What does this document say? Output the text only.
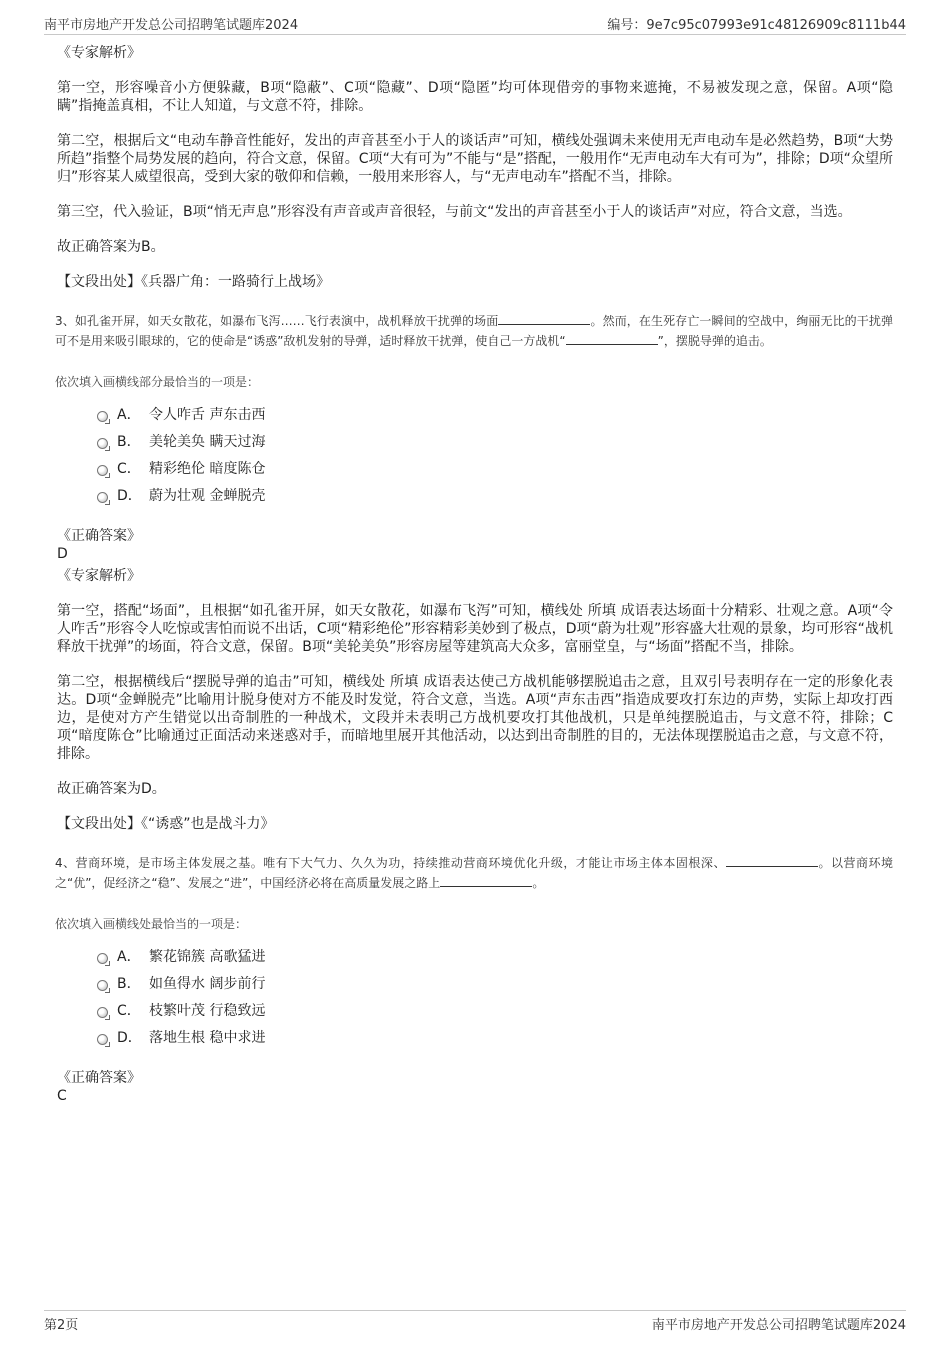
南平市房地产开发总公司招聘笔试题库2024	编号：9e7c95c07993e91c48126909c8111b44

《专家解析》

第一空，形容噪音小方便躲藏，B项“隐蔽”、C项“隐藏”、D项“隐匿”均可体现借旁的事物来遮掩，不易被发现之意，保留。A项“隐瞒”指掩盖真相，不让人知道，与文意不符，排除。

第二空，根据后文“电动车静音性能好，发出的声音甚至小于人的谈话声”可知，横线处强调未来使用无声电动车是必然趋势，B项“大势所趋”指整个局势发展的趋向，符合文意，保留。C项“大有可为”不能与“是”搭配，一般用作“无声电动车大有可为”，排除；D项“众望所归”形容某人威望很高，受到大家的敬仰和信赖，一般用来形容人，与“无声电动车”搭配不当，排除。

第三空，代入验证，B项“悄无声息”形容没有声音或声音很轻，与前文“发出的声音甚至小于人的谈话声”对应，符合文意，当选。

故正确答案为B。

【文段出处】《兵器广角：一路骑行上战场》

3、如孔雀开屏，如天女散花，如瀑布飞泻……飞行表演中，战机释放干扰弹的场面	。然而，在生死存亡一瞬间的空战中，绚丽无比的干扰弹可不是用来吸引眼球的，它的使命是“诱惑”敌机发射的导弹，适时释放干扰弹，使自己一方战机“	”，摆脱导弹的追击。

依次填入画横线部分最恰当的一项是：

A． 令人咋舌 声东击西
B． 美轮美奂 瞒天过海
C． 精彩绝伦 暗度陈仓
D． 蔚为壮观 金蝉脱壳

《正确答案》

D

《专家解析》

第一空，搭配“场面”，且根据“如孔雀开屏，如天女散花，如瀑布飞泻”可知，横线处 所填 成语表达场面十分精彩、壮观之意。A项“令人咋舌”形容令人吃惊或害怕而说不出话，C项“精彩绝伦”形容精彩美妙到了极点，D项“蔚为壮观”形容盛大壮观的景象，均可形容“战机释放干扰弹”的场面，符合文意，保留。B项“美轮美奂”形容房屋等建筑高大众多，富丽堂皇，与“场面”搭配不当，排除。

第二空，根据横线后“摆脱导弹的追击”可知，横线处 所填 成语表达使己方战机能够摆脱追击之意，且双引号表明存在一定的形象化表达。D项“金蝉脱壳”比喻用计脱身使对方不能及时发觉，符合文意，当选。A项“声东击西”指造成要攻打东边的声势，实际上却攻打西边，是使对方产生错觉以出奇制胜的一种战术，文段并未表明己方战机要攻打其他战机，只是单纯摆脱追击，与文意不符，排除；C项“暗度陈仓”比喻通过正面活动来迷惑对手，而暗地里展开其他活动，以达到出奇制胜的目的，无法体现摆脱追击之意，与文意不符，排除。

故正确答案为D。

【文段出处】《“诱惑”也是战斗力》

4、营商环境，是市场主体发展之基。唯有下大气力、久久为功，持续推动营商环境优化升级，才能让市场主体本固根深、	。以营商环境之“优”，促经济之“稳”、发展之“进”，中国经济必将在高质量发展之路上	。

依次填入画横线处最恰当的一项是：

A． 繁花锦簇 高歌猛进
B． 如鱼得水 阔步前行
C． 枝繁叶茂 行稳致远
D． 落地生根 稳中求进

《正确答案》

C

第2页	南平市房地产开发总公司招聘笔试题库2024
